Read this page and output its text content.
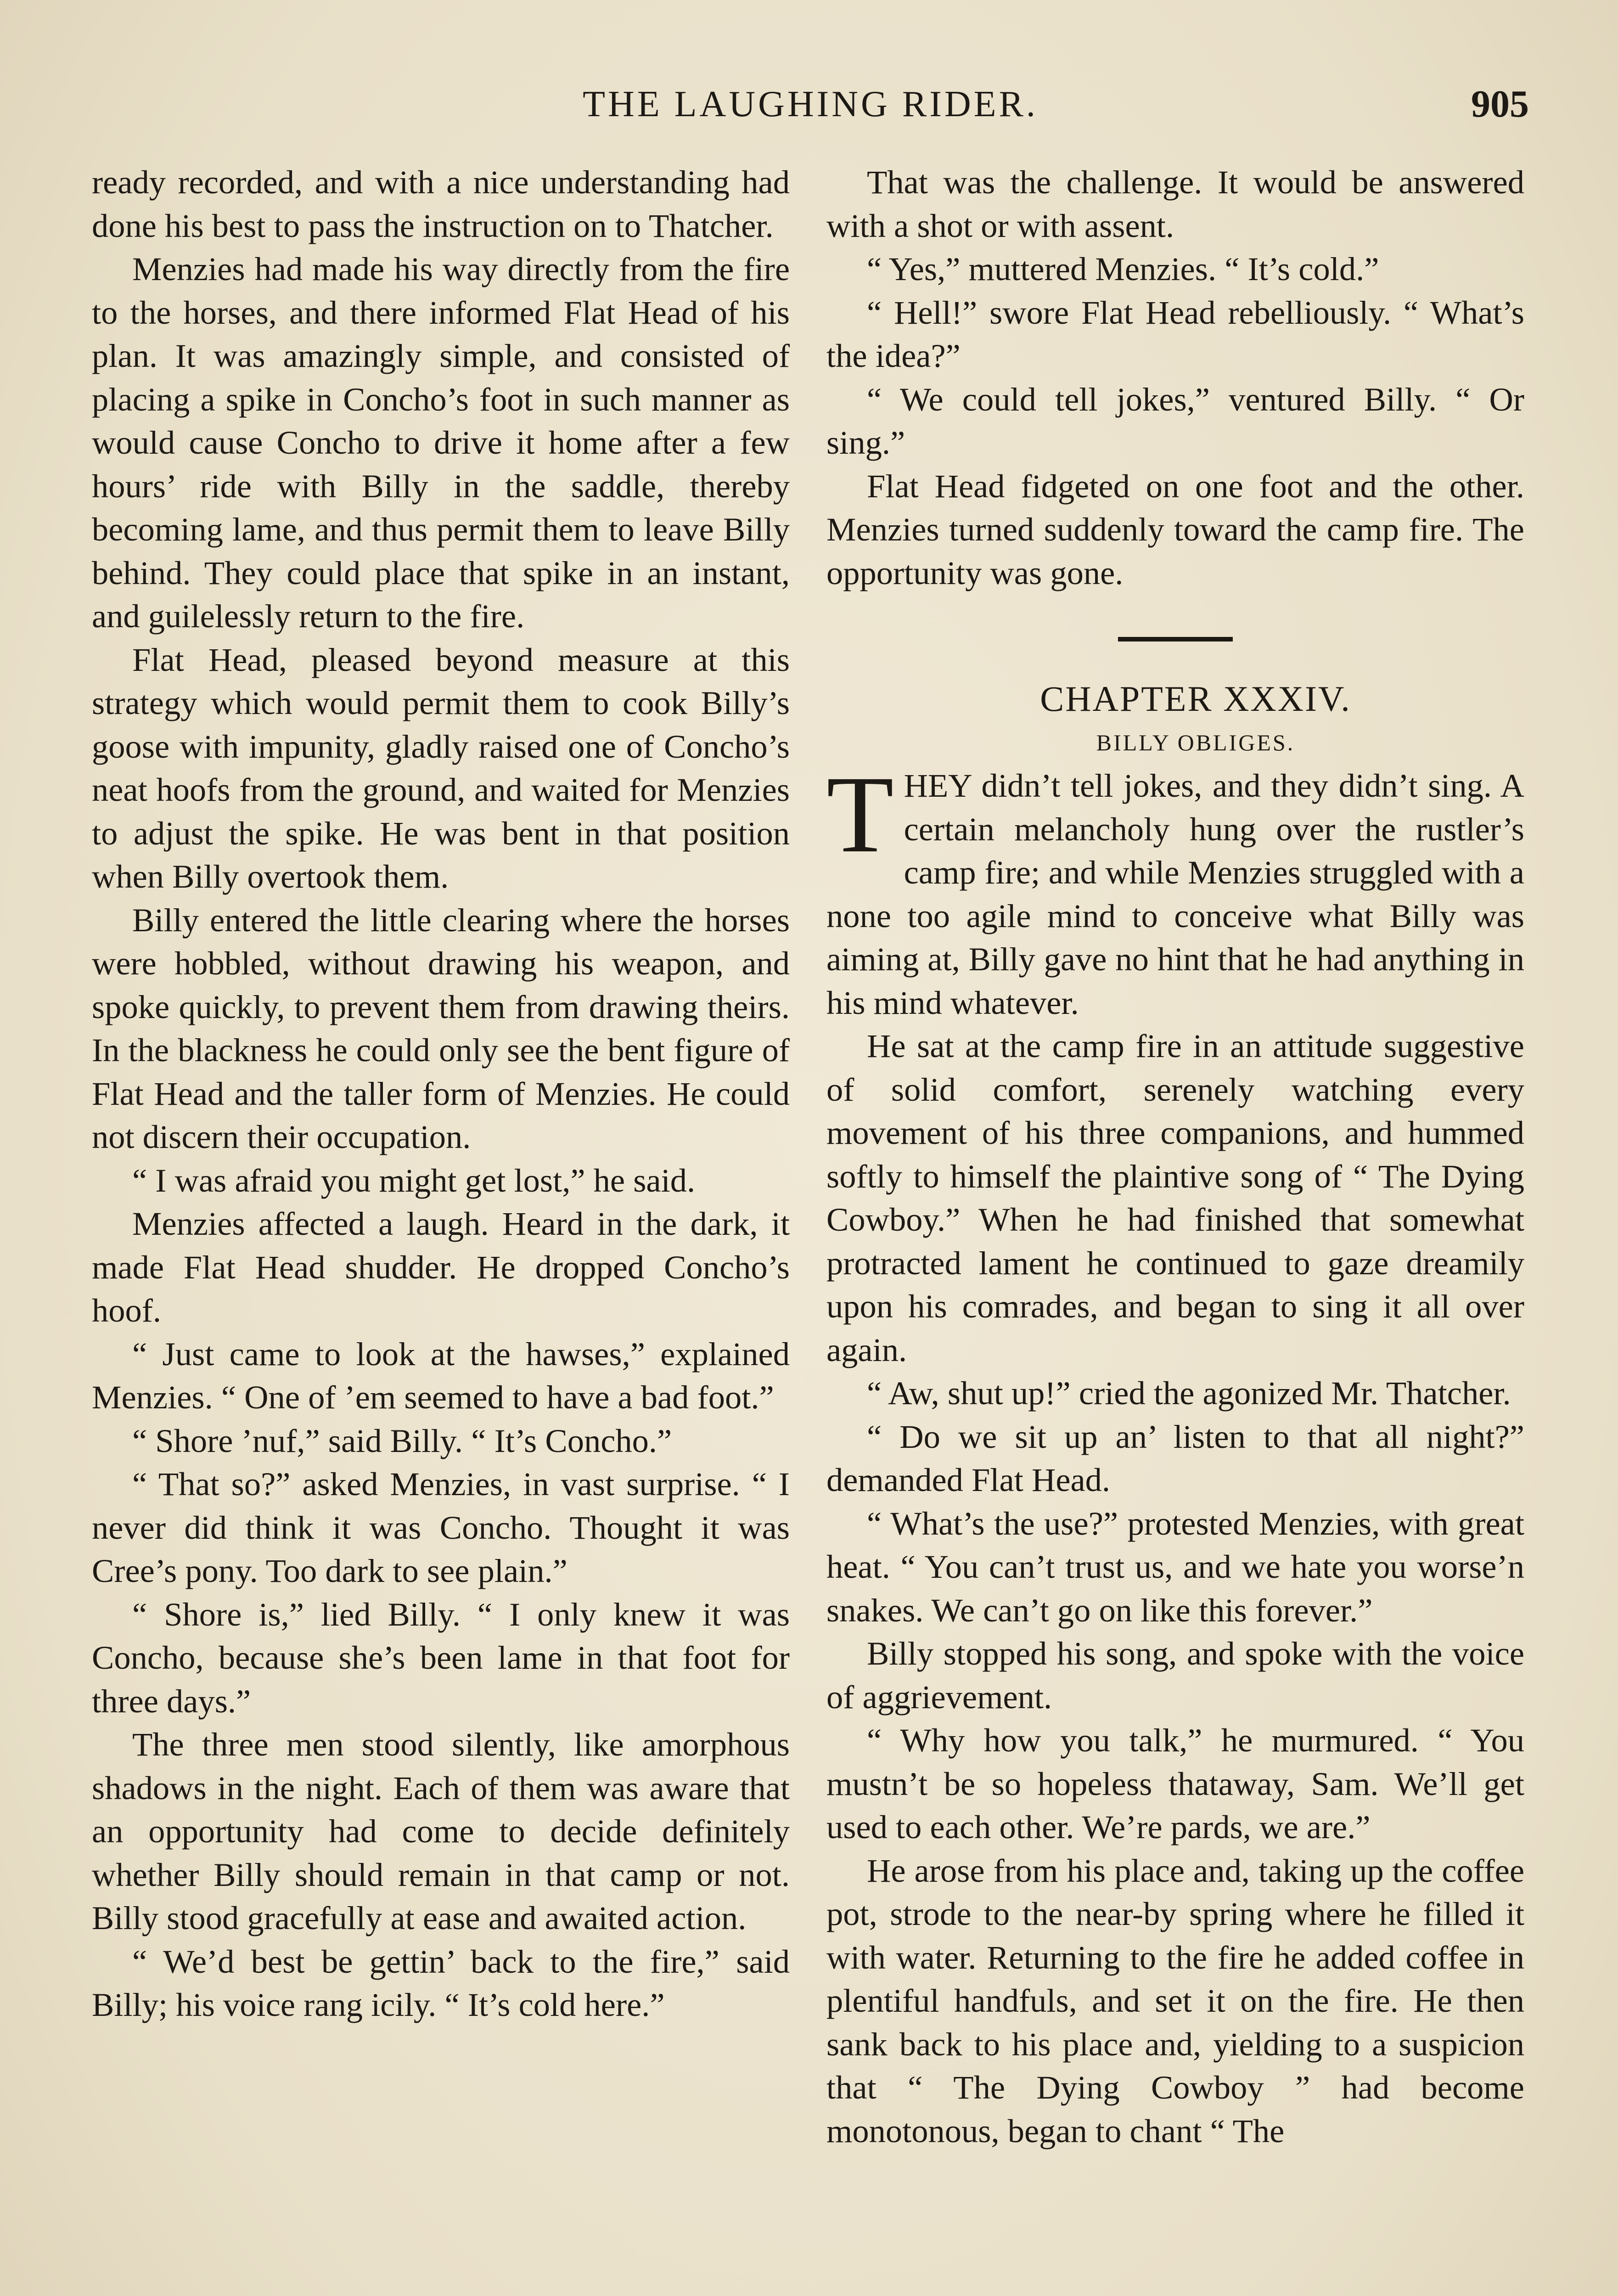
THE LAUGHING RIDER.	905

ready recorded, and with a nice understanding had done his best to pass the instruction on to Thatcher.

Menzies had made his way directly from the fire to the horses, and there informed Flat Head of his plan. It was amazingly simple, and consisted of placing a spike in Concho’s foot in such manner as would cause Concho to drive it home after a few hours’ ride with Billy in the saddle, thereby becoming lame, and thus permit them to leave Billy behind. They could place that spike in an instant, and guilelessly return to the fire.

Flat Head, pleased beyond measure at this strategy which would permit them to cook Billy’s goose with impunity, gladly raised one of Concho’s neat hoofs from the ground, and waited for Menzies to adjust the spike. He was bent in that position when Billy overtook them.

Billy entered the little clearing where the horses were hobbled, without drawing his weapon, and spoke quickly, to prevent them from drawing theirs. In the blackness he could only see the bent figure of Flat Head and the taller form of Menzies. He could not discern their occupation.

“ I was afraid you might get lost,” he said.

Menzies affected a laugh. Heard in the dark, it made Flat Head shudder. He dropped Concho’s hoof.

“ Just came to look at the hawses,” explained Menzies. “ One of ’em seemed to have a bad foot.”

“ Shore ’nuf,” said Billy. “ It’s Concho.”

“ That so?” asked Menzies, in vast surprise. “ I never did think it was Concho. Thought it was Cree’s pony. Too dark to see plain.”

“ Shore is,” lied Billy. “ I only knew it was Concho, because she’s been lame in that foot for three days.”

The three men stood silently, like amorphous shadows in the night. Each of them was aware that an opportunity had come to decide definitely whether Billy should remain in that camp or not. Billy stood gracefully at ease and awaited action.

“ We’d best be gettin’ back to the fire,” said Billy; his voice rang icily. “ It’s cold here.”

That was the challenge. It would be answered with a shot or with assent.

“ Yes,” muttered Menzies. “ It’s cold.”

“ Hell!” swore Flat Head rebelliously. “ What’s the idea?”

“ We could tell jokes,” ventured Billy. “ Or sing.”

Flat Head fidgeted on one foot and the other. Menzies turned suddenly toward the camp fire. The opportunity was gone.

CHAPTER XXXIV.

BILLY OBLIGES.

THEY didn’t tell jokes, and they didn’t sing. A certain melancholy hung over the rustler’s camp fire; and while Menzies struggled with a none too agile mind to conceive what Billy was aiming at, Billy gave no hint that he had anything in his mind whatever.

He sat at the camp fire in an attitude suggestive of solid comfort, serenely watching every movement of his three companions, and hummed softly to himself the plaintive song of “ The Dying Cowboy.” When he had finished that somewhat protracted lament he continued to gaze dreamily upon his comrades, and began to sing it all over again.

“ Aw, shut up!” cried the agonized Mr. Thatcher.

“ Do we sit up an’ listen to that all night?” demanded Flat Head.

“ What’s the use?” protested Menzies, with great heat. “ You can’t trust us, and we hate you worse’n snakes. We can’t go on like this forever.”

Billy stopped his song, and spoke with the voice of aggrievement.

“ Why how you talk,” he murmured. “ You mustn’t be so hopeless thataway, Sam. We’ll get used to each other. We’re pards, we are.”

He arose from his place and, taking up the coffee pot, strode to the near-by spring where he filled it with water. Returning to the fire he added coffee in plentiful handfuls, and set it on the fire. He then sank back to his place and, yielding to a suspicion that “ The Dying Cowboy ” had become monotonous, began to chant “ The
